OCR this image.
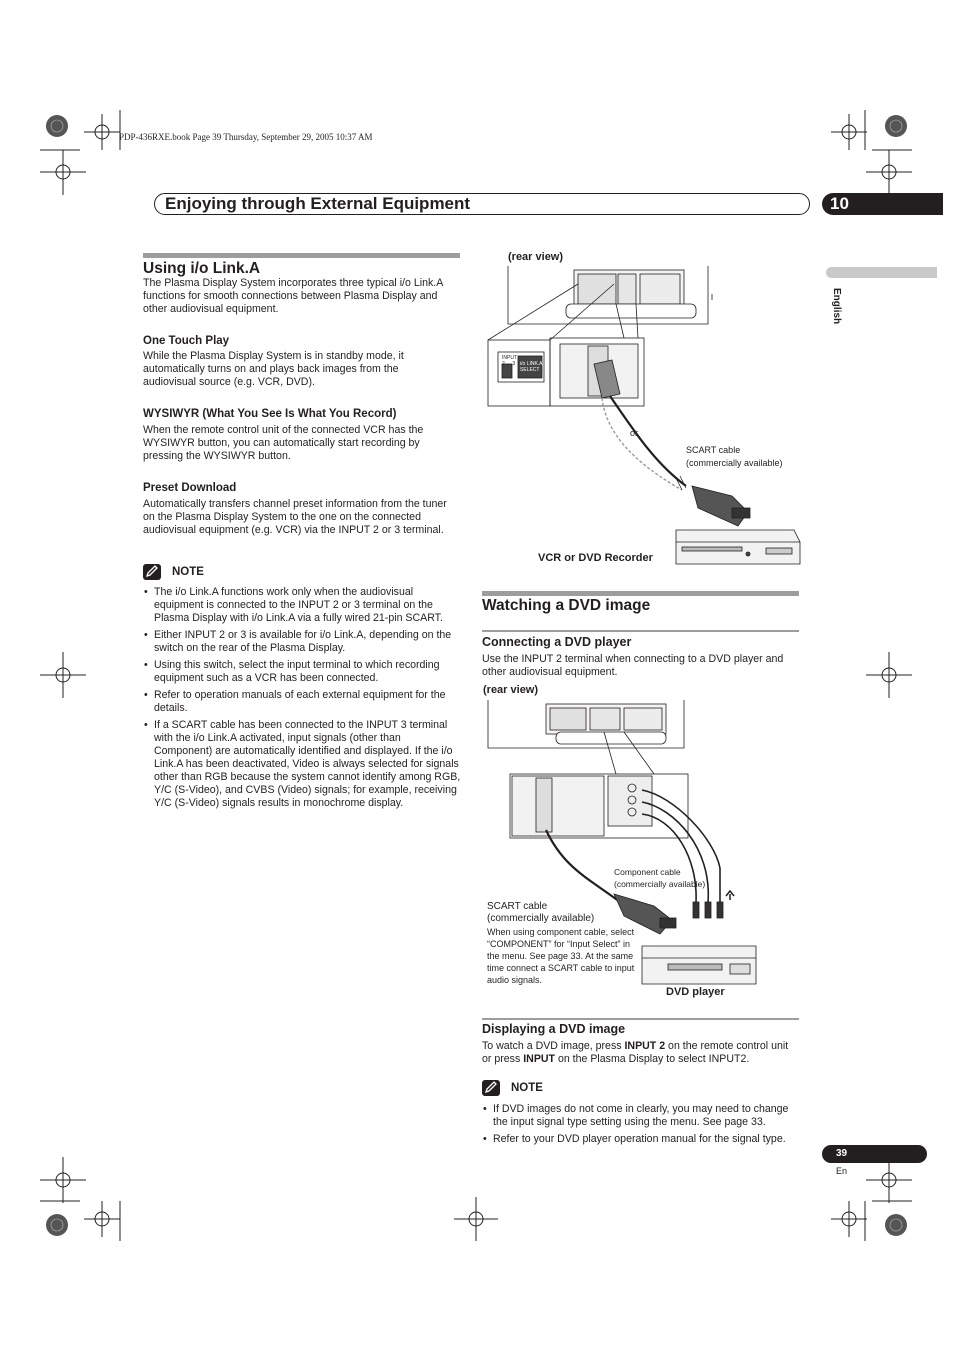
PDP-436RXE.book Page 39 Thursday, September 29, 2005 10:37 AM
Enjoying through External Equipment	10
English
Using i/o Link.A
The Plasma Display System incorporates three typical i/o Link.A functions for smooth connections between Plasma Display and other audiovisual equipment.
One Touch Play
While the Plasma Display System is in standby mode, it automatically turns on and plays back images from the audiovisual source (e.g. VCR, DVD).
WYSIWYR (What You See Is What You Record)
When the remote control unit of the connected VCR has the WYSIWYR button, you can automatically start recording by pressing the WYSIWYR button.
Preset Download
Automatically transfers channel preset information from the tuner on the Plasma Display System to the one on the connected audiovisual equipment (e.g. VCR) via the INPUT 2 or 3 terminal.
NOTE
• The i/o Link.A functions work only when the audiovisual equipment is connected to the INPUT 2 or 3 terminal on the Plasma Display with i/o Link.A via a fully wired 21-pin SCART.
• Either INPUT 2 or 3 is available for i/o Link.A, depending on the switch on the rear of the Plasma Display.
• Using this switch, select the input terminal to which recording equipment such as a VCR has been connected.
• Refer to operation manuals of each external equipment for the details.
• If a SCART cable has been connected to the INPUT 3 terminal with the i/o Link.A activated, input signals (other than Component) are automatically identified and displayed. If the i/o Link.A has been deactivated, Video is always selected for signals other than RGB because the system cannot identify among RGB, Y/C (S-Video), and CVBS (Video) signals; for example, receiving Y/C (S-Video) signals results in monochrome display.
(rear view)
INPUT
2 ↔ 3 i/o LINK.A
SELECT
or
SCART cable
(commercially available)
VCR or DVD Recorder
Watching a DVD image
Connecting a DVD player
Use the INPUT 2 terminal when connecting to a DVD player and other audiovisual equipment.
(rear view)
Component cable
(commercially available)
SCART cable
(commercially available)
When using component cable, select “COMPONENT” for “Input Select” in the menu. See page 33. At the same time connect a SCART cable to input audio signals.
DVD player
Displaying a DVD image
To watch a DVD image, press INPUT 2 on the remote control unit or press INPUT on the Plasma Display to select INPUT2.
NOTE
• If DVD images do not come in clearly, you may need to change the input signal type setting using the menu. See page 33.
• Refer to your DVD player operation manual for the signal type.
39
En
